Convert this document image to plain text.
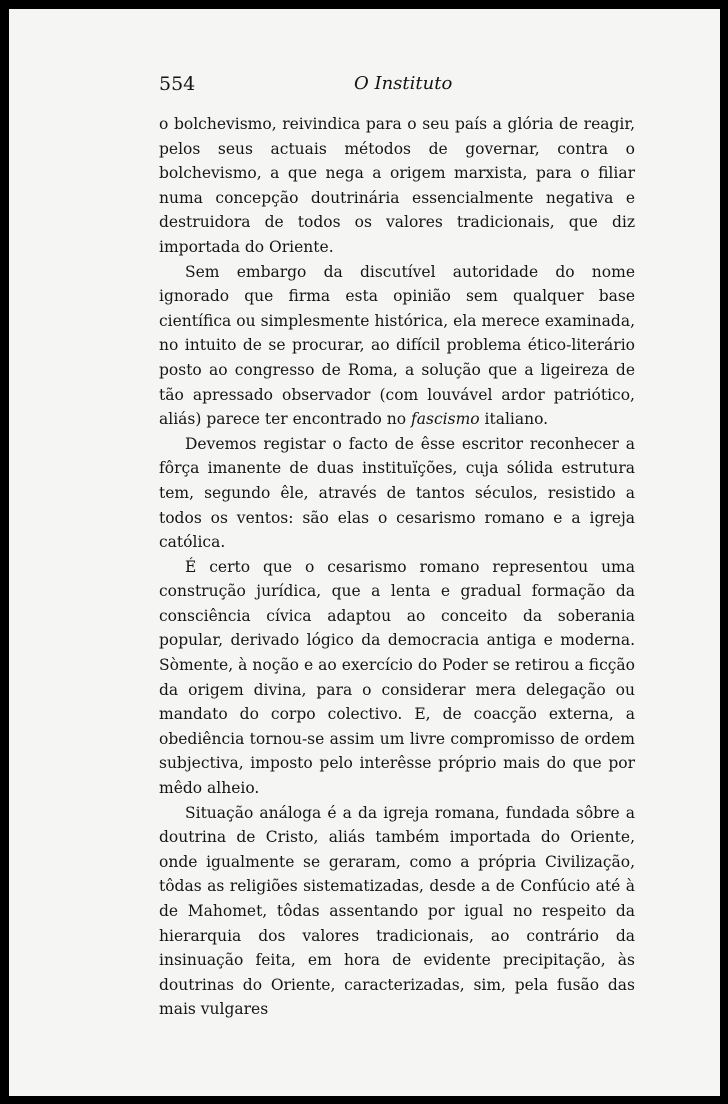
554	O Instituto

o bolchevismo, reivindica para o seu país a glória de reagir, pelos seus actuais métodos de governar, contra o bolchevismo, a que nega a origem marxista, para o filiar numa concepção doutrinária essencialmente negativa e destruidora de todos os valores tradicionais, que diz importada do Oriente.

Sem embargo da discutível autoridade do nome ignorado que firma esta opinião sem qualquer base científica ou simplesmente histórica, ela merece examinada, no intuito de se procurar, ao difícil problema ético-literário posto ao congresso de Roma, a solução que a ligeireza de tão apressado observador (com louvável ardor patriótico, aliás) parece ter encontrado no fascismo italiano.

Devemos registar o facto de êsse escritor reconhecer a fôrça imanente de duas instituïções, cuja sólida estrutura tem, segundo êle, através de tantos séculos, resistido a todos os ventos: são elas o cesarismo romano e a igreja católica.

É certo que o cesarismo romano representou uma construção jurídica, que a lenta e gradual formação da consciência cívica adaptou ao conceito da soberania popular, derivado lógico da democracia antiga e moderna. Sòmente, à noção e ao exercício do Poder se retirou a ficção da origem divina, para o considerar mera delegação ou mandato do corpo colectivo. E, de coacção externa, a obediência tornou-se assim um livre compromisso de ordem subjectiva, imposto pelo interêsse próprio mais do que por mêdo alheio.

Situação análoga é a da igreja romana, fundada sôbre a doutrina de Cristo, aliás também importada do Oriente, onde igualmente se geraram, como a própria Civilização, tôdas as religiões sistematizadas, desde a de Confúcio até à de Mahomet, tôdas assentando por igual no respeito da hierarquia dos valores tradicionais, ao contrário da insinuação feita, em hora de evidente precipitação, às doutrinas do Oriente, caracterizadas, sim, pela fusão das mais vulgares
